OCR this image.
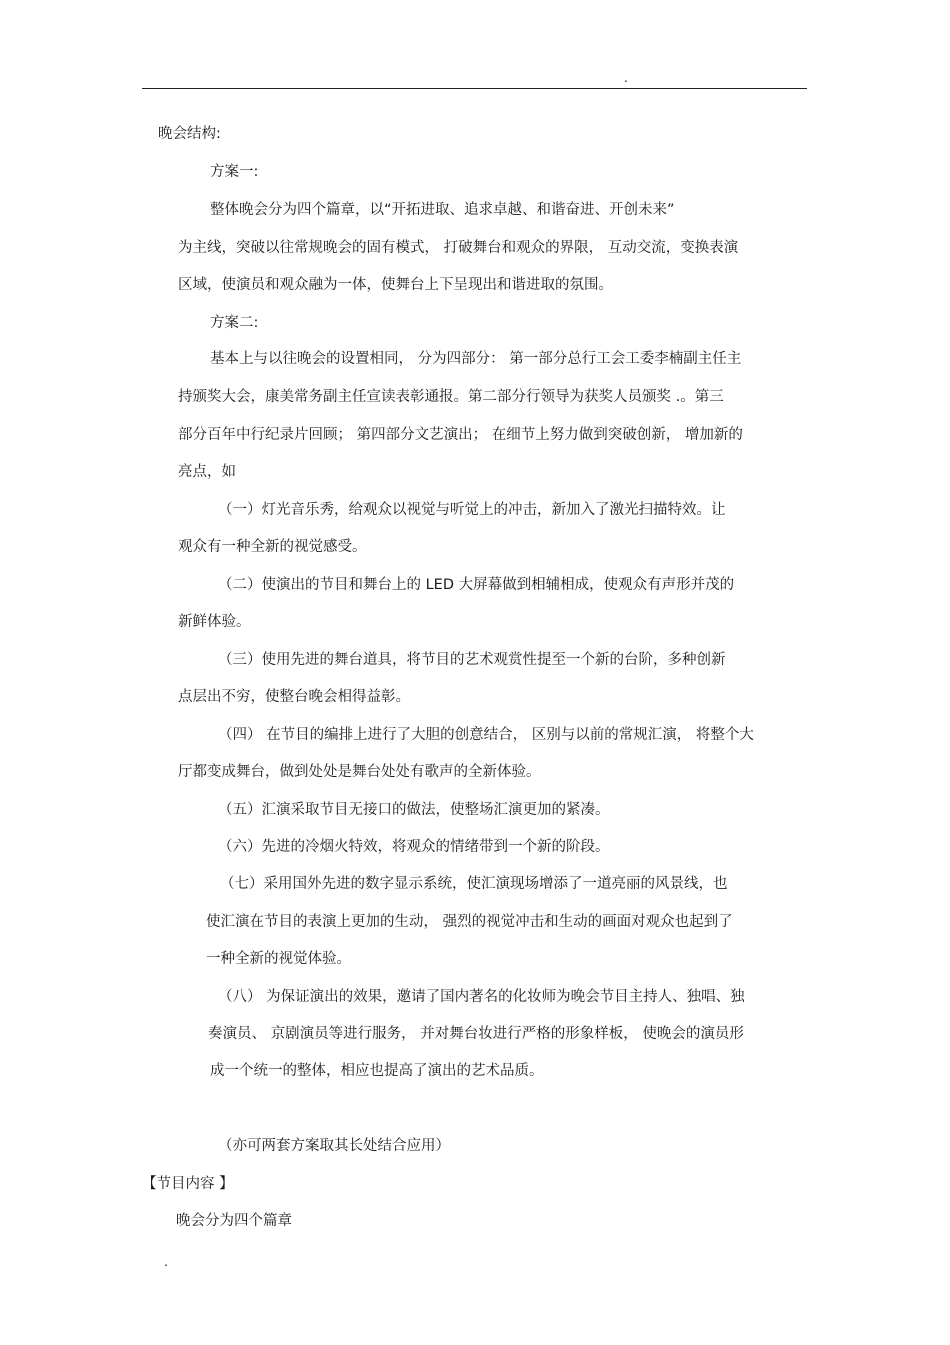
.
晚会结构:
方案一:
整体晚会分为四个篇章，以“开拓进取、追求卓越、和谐奋进、开创未来”
为主线，突破以往常规晚会的固有模式， 打破舞台和观众的界限， 互动交流，变换表演
区域，使演员和观众融为一体，使舞台上下呈现出和谐进取的氛围。
方案二:
基本上与以往晚会的设置相同， 分为四部分： 第一部分总行工会工委李楠副主任主
持颁奖大会，康美常务副主任宣读表彰通报。第二部分行领导为获奖人员颁奖 .。第三
部分百年中行纪录片回顾； 第四部分文艺演出； 在细节上努力做到突破创新， 增加新的
亮点，如
（一）灯光音乐秀，给观众以视觉与听觉上的冲击，新加入了激光扫描特效。让
观众有一种全新的视觉感受。
（二）使演出的节目和舞台上的 LED 大屏幕做到相辅相成，使观众有声形并茂的
新鲜体验。
（三）使用先进的舞台道具，将节目的艺术观赏性提至一个新的台阶，多种创新
点层出不穷，使整台晚会相得益彰。
（四） 在节目的编排上进行了大胆的创意结合， 区别与以前的常规汇演， 将整个大
厅都变成舞台，做到处处是舞台处处有歌声的全新体验。
（五）汇演采取节目无接口的做法，使整场汇演更加的紧凑。
（六）先进的冷烟火特效，将观众的情绪带到一个新的阶段。
（七）采用国外先进的数字显示系统，使汇演现场增添了一道亮丽的风景线，也
使汇演在节目的表演上更加的生动， 强烈的视觉冲击和生动的画面对观众也起到了
一种全新的视觉体验。
（八） 为保证演出的效果，邀请了国内著名的化妆师为晚会节目主持人、独唱、独
奏演员、 京剧演员等进行服务， 并对舞台妆进行严格的形象样板， 使晚会的演员形
成一个统一的整体，相应也提高了演出的艺术品质。
（亦可两套方案取其长处结合应用）
【节目内容 】
晚会分为四个篇章
.
